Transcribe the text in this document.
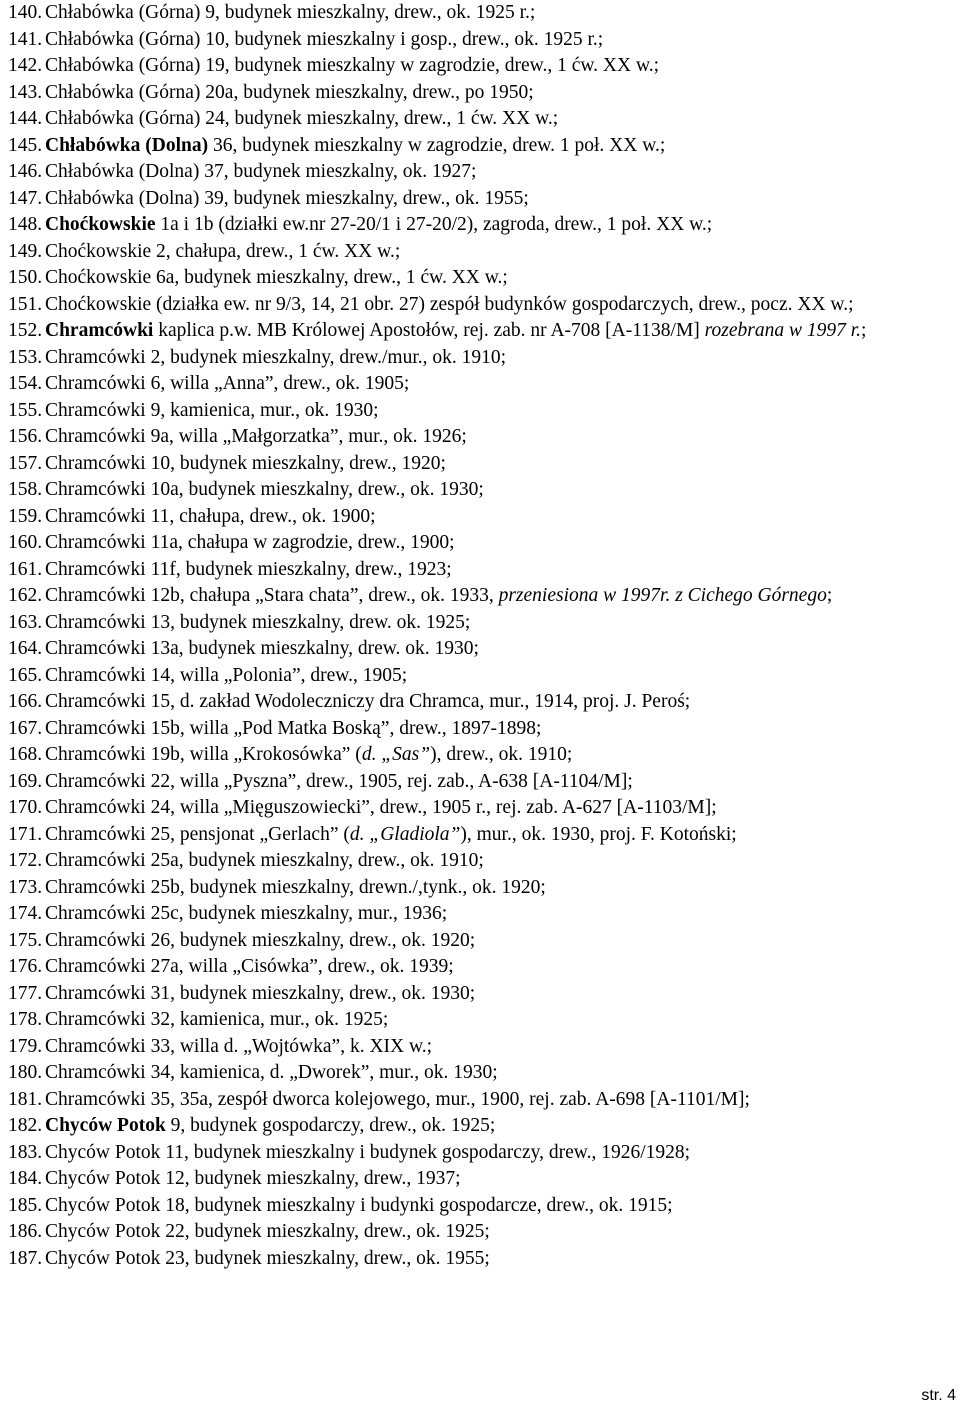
140. Chłabówka (Górna) 9, budynek mieszkalny, drew., ok. 1925 r.;
141. Chłabówka (Górna) 10, budynek mieszkalny i gosp., drew., ok. 1925 r.;
142. Chłabówka (Górna) 19, budynek mieszkalny w zagrodzie, drew., 1 ćw. XX w.;
143. Chłabówka (Górna) 20a, budynek mieszkalny, drew., po 1950;
144. Chłabówka (Górna) 24, budynek mieszkalny, drew., 1 ćw. XX w.;
145. Chłabówka (Dolna) 36, budynek mieszkalny w zagrodzie, drew. 1 poł. XX w.;
146. Chłabówka (Dolna) 37, budynek mieszkalny, ok. 1927;
147. Chłabówka (Dolna) 39, budynek mieszkalny, drew., ok. 1955;
148. Choćkowskie 1a i 1b (działki ew.nr 27-20/1 i 27-20/2), zagroda, drew., 1 poł. XX w.;
149. Choćkowskie 2, chałupa, drew., 1 ćw. XX w.;
150. Choćkowskie 6a, budynek mieszkalny, drew., 1 ćw. XX w.;
151. Choćkowskie (działka ew. nr 9/3, 14, 21 obr. 27) zespół budynków gospodarczych, drew., pocz. XX w.;
152. Chramcówki kaplica p.w. MB Królowej Apostołów, rej. zab. nr A-708 [A-1138/M] rozebrana w 1997 r.;
153. Chramcówki 2, budynek mieszkalny, drew./mur., ok. 1910;
154. Chramcówki 6, willa „Anna”, drew., ok. 1905;
155. Chramcówki 9, kamienica, mur., ok. 1930;
156. Chramcówki 9a, willa „Małgorzatka”, mur., ok. 1926;
157. Chramcówki 10, budynek mieszkalny, drew., 1920;
158. Chramcówki 10a, budynek mieszkalny, drew., ok. 1930;
159. Chramcówki 11, chałupa, drew., ok. 1900;
160. Chramcówki 11a, chałupa w zagrodzie, drew., 1900;
161. Chramcówki 11f, budynek mieszkalny, drew., 1923;
162. Chramcówki 12b, chałupa „Stara chata”, drew., ok. 1933, przeniesiona w 1997r. z Cichego Górnego;
163. Chramcówki 13, budynek mieszkalny, drew. ok. 1925;
164. Chramcówki 13a, budynek mieszkalny, drew. ok. 1930;
165. Chramcówki 14, willa „Polonia”, drew., 1905;
166. Chramcówki 15, d. zakład Wodoleczniczy dra Chramca, mur., 1914, proj. J. Peroś;
167. Chramcówki 15b, willa „Pod Matka Boską”, drew., 1897-1898;
168. Chramcówki 19b, willa „Krokosówka” (d. „Sas”), drew., ok. 1910;
169. Chramcówki 22, willa „Pyszna”, drew., 1905, rej. zab., A-638 [A-1104/M];
170. Chramcówki 24, willa „Mięguszowiecki”, drew., 1905 r., rej. zab. A-627 [A-1103/M];
171. Chramcówki 25, pensjonat „Gerlach” (d. „Gladiola”), mur., ok. 1930, proj. F. Kotoński;
172. Chramcówki 25a, budynek mieszkalny, drew., ok. 1910;
173. Chramcówki 25b, budynek mieszkalny, drewn./,tynk., ok. 1920;
174. Chramcówki 25c, budynek mieszkalny, mur., 1936;
175. Chramcówki 26, budynek mieszkalny, drew., ok. 1920;
176. Chramcówki 27a, willa „Cisówka”, drew., ok. 1939;
177. Chramcówki 31, budynek mieszkalny, drew., ok. 1930;
178. Chramcówki 32, kamienica, mur., ok. 1925;
179. Chramcówki 33, willa d. „Wojtówka”, k. XIX w.;
180. Chramcówki 34, kamienica, d. „Dworek”, mur., ok. 1930;
181. Chramcówki 35, 35a, zespół dworca kolejowego, mur., 1900, rej. zab. A-698 [A-1101/M];
182. Chyców Potok 9, budynek gospodarczy, drew., ok. 1925;
183. Chyców Potok 11, budynek mieszkalny i budynek gospodarczy, drew., 1926/1928;
184. Chyców Potok 12, budynek mieszkalny, drew., 1937;
185. Chyców Potok 18, budynek mieszkalny i budynki gospodarcze, drew., ok. 1915;
186. Chyców Potok 22, budynek mieszkalny, drew., ok. 1925;
187. Chyców Potok 23, budynek mieszkalny, drew., ok. 1955;
str. 4
